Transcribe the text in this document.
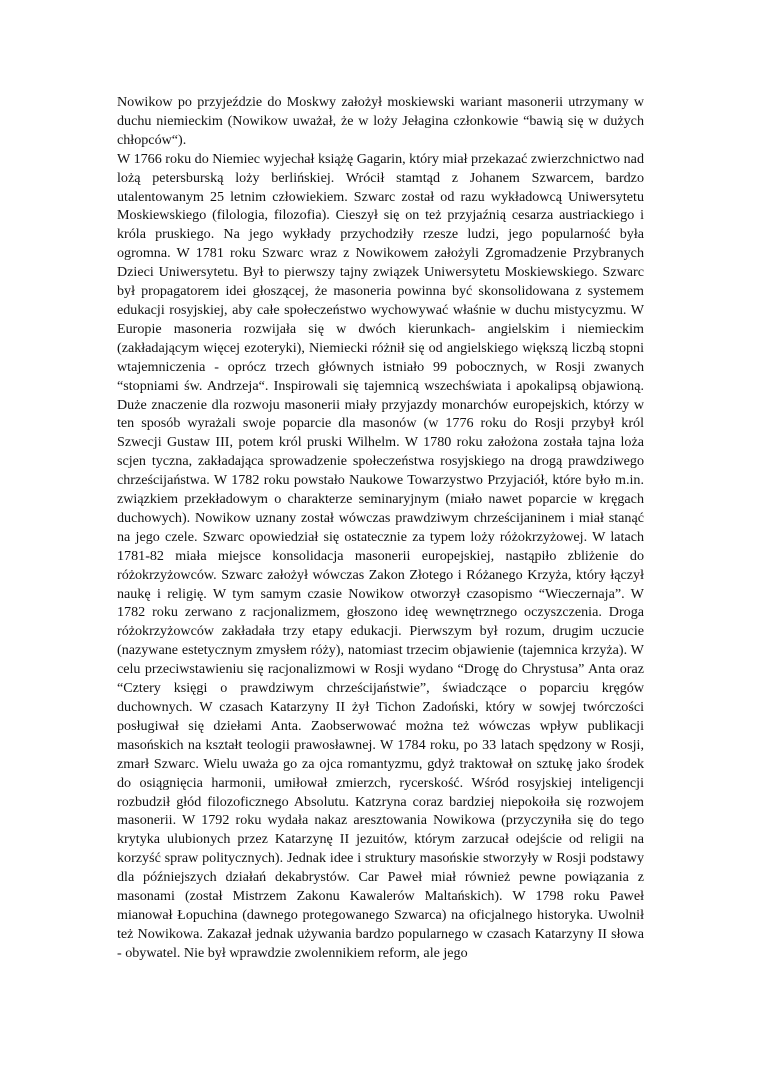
Nowikow po przyjeździe do Moskwy założył moskiewski wariant masonerii utrzymany w duchu niemieckim (Nowikow uważał, że w loży Jełagina członkowie “bawią się w dużych chłopców“).

W 1766 roku do Niemiec wyjechał książę Gagarin, który miał przekazać zwierzchnictwo nad lożą petersburską loży berlińskiej. Wrócił stamtąd z Johanem Szwarcem, bardzo utalentowanym 25 letnim człowiekiem. Szwarc został od razu wykładowcą Uniwersytetu Moskiewskiego (filologia, filozofia). Cieszył się on też przyjaźnią cesarza austriackiego i króla pruskiego. Na jego wykłady przychodziły rzesze ludzi, jego popularność była ogromna. W 1781 roku Szwarc wraz z Nowikowem założyli Zgromadzenie Przybranych Dzieci Uniwersytetu. Był to pierwszy tajny związek Uniwersytetu Moskiewskiego. Szwarc był propagatorem idei głoszącej, że masoneria powinna być skonsolidowana z systemem edukacji rosyjskiej, aby całe społeczeństwo wychowywać właśnie w duchu mistycyzmu. W Europie masoneria rozwijała się w dwóch kierunkach- angielskim i niemieckim (zakładającym więcej ezoteryki), Niemiecki różnił się od angielskiego większą liczbą stopni wtajemniczenia - oprócz trzech głównych istniało 99 pobocznych, w Rosji zwanych “stopniami św. Andrzeja“. Inspirowali się tajemnicą wszechświata i apokalipsą objawioną. Duże znaczenie dla rozwoju masonerii miały przyjazdy monarchów europejskich, którzy w ten sposób wyrażali swoje poparcie dla masonów (w 1776 roku do Rosji przybył król Szwecji Gustaw III, potem król pruski Wilhelm. W 1780 roku założona została tajna loża scjen tyczna, zakładająca sprowadzenie społeczeństwa rosyjskiego na drogą prawdziwego chrześcijaństwa. W 1782 roku powstało Naukowe Towarzystwo Przyjaciół, które było m.in. związkiem przekładowym o charakterze seminaryjnym (miało nawet poparcie w kręgach duchowych). Nowikow uznany został wówczas prawdziwym chrześcijaninem i miał stanąć na jego czele. Szwarc opowiedział się ostatecznie za typem loży różokrzyżowej. W latach 1781-82 miała miejsce konsolidacja masonerii europejskiej, nastąpiło zbliżenie do różokrzyżowców. Szwarc założył wówczas Zakon Złotego i Różanego Krzyża, który łączył naukę i religię. W tym samym czasie Nowikow otworzył czasopismo “Wieczernaja”. W 1782 roku zerwano z racjonalizmem, głoszono ideę wewnętrznego oczyszczenia. Droga różokrzyżowców zakładała trzy etapy edukacji. Pierwszym był rozum, drugim uczucie (nazywane estetycznym zmysłem róży), natomiast trzecim objawienie (tajemnica krzyża). W celu przeciwstawieniu się racjonalizmowi w Rosji wydano “Drogę do Chrystusa” Anta oraz “Cztery księgi o prawdziwym chrześcijaństwie”, świadczące o poparciu kręgów duchownych. W czasach Katarzyny II żył Tichon Zadoński, który w sowjej twórczości posługiwał się dziełami Anta. Zaobserwować można też wówczas wpływ publikacji masońskich na kształt teologii prawosławnej. W 1784 roku, po 33 latach spędzony w Rosji, zmarł Szwarc. Wielu uważa go za ojca romantyzmu, gdyż traktował on sztukę jako środek do osiągnięcia harmonii, umiłował zmierzch, rycerskość. Wśród rosyjskiej inteligencji rozbudził głód filozoficznego Absolutu. Katzryna coraz bardziej niepokoiła się rozwojem masonerii. W 1792 roku wydała nakaz aresztowania Nowikowa (przyczyniła się do tego krytyka ulubionych przez Katarzynę II jezuitów, którym zarzucał odejście od religii na korzyść spraw politycznych). Jednak idee i struktury masońskie stworzyły w Rosji podstawy dla późniejszych działań dekabrystów. Car Paweł miał również pewne powiązania z masonami (został Mistrzem Zakonu Kawalerów Maltańskich). W 1798 roku Paweł mianował Łopuchina (dawnego protegowanego Szwarca) na oficjalnego historyka. Uwolnił też Nowikowa. Zakazał jednak używania bardzo popularnego w czasach Katarzyny II słowa - obywatel. Nie był wprawdzie zwolennikiem reform, ale jego
